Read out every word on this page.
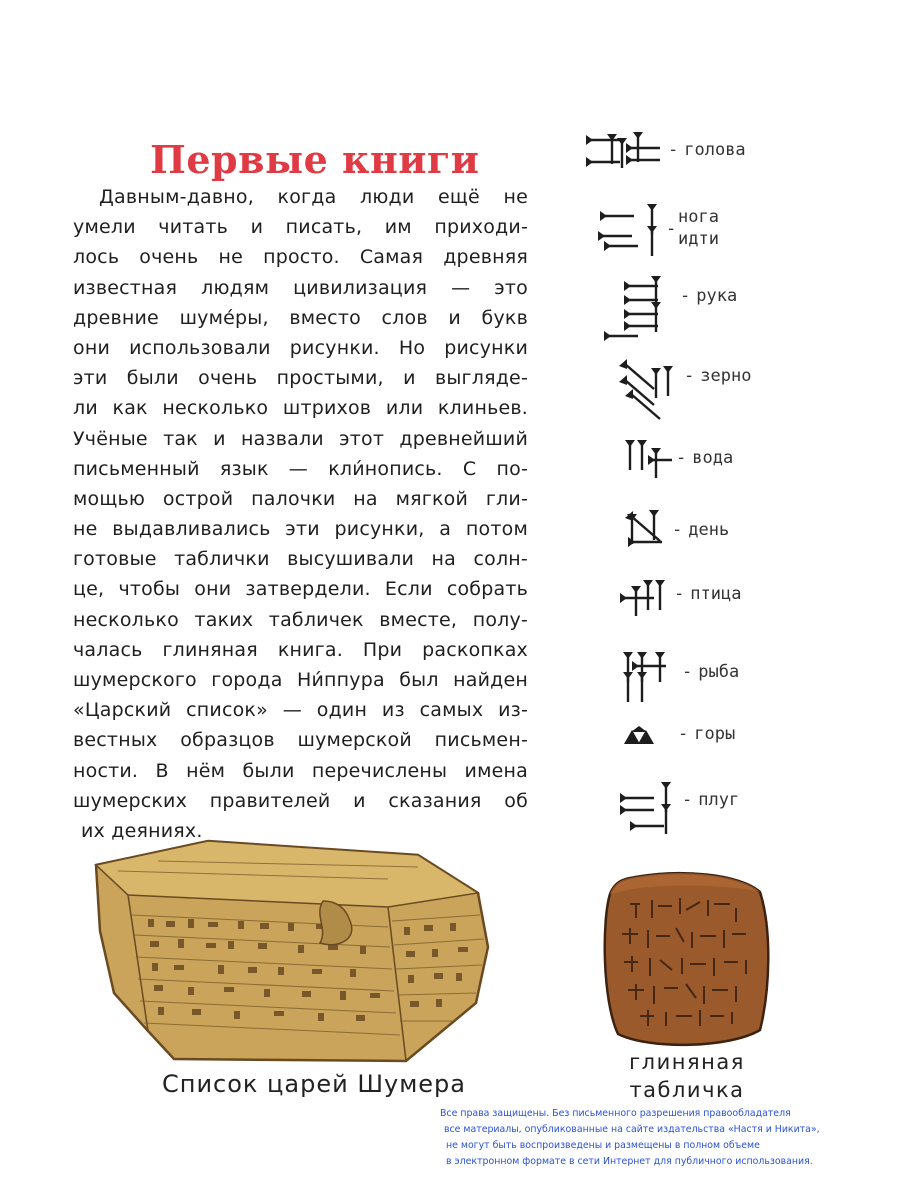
Первые книги
Давным-давно, когда люди ещё не
умели читать и писать, им приходи-
лось очень не просто. Самая древняя
известная людям цивилизация — это
древние шуме́ры, вместо слов и букв
они использовали рисунки. Но рисунки
эти были очень простыми, и выгляде-
ли как несколько штрихов или клиньев.
Учёные так и назвали этот древнейший
письменный язык — кли́нопись. С по-
мощью острой палочки на мягкой гли-
не выдавливались эти рисунки, а потом
готовые таблички высушивали на солн-
це, чтобы они затвердели. Если собрать
несколько таких табличек вместе, полу-
чалась глиняная книга. При раскопках
шумерского города Ни́ппура был найден
«Царский список» — один из самых из-
вестных образцов шумерской письмен-
ности. В нём были перечислены имена
шумерских правителей и сказания об
их деяниях.
- голова
-
нога
идти
- рука
- зерно
- вода
- день
- птица
- рыба
- горы
- плуг
Список царей Шумера
глиняная
табличка
Все права защищены. Без письменного разрешения правообладателя
все материалы, опубликованные на сайте издательства «Настя и Никита»,
не могут быть воспроизведены и размещены в полном объеме
в электронном формате в сети Интернет для публичного использования.
